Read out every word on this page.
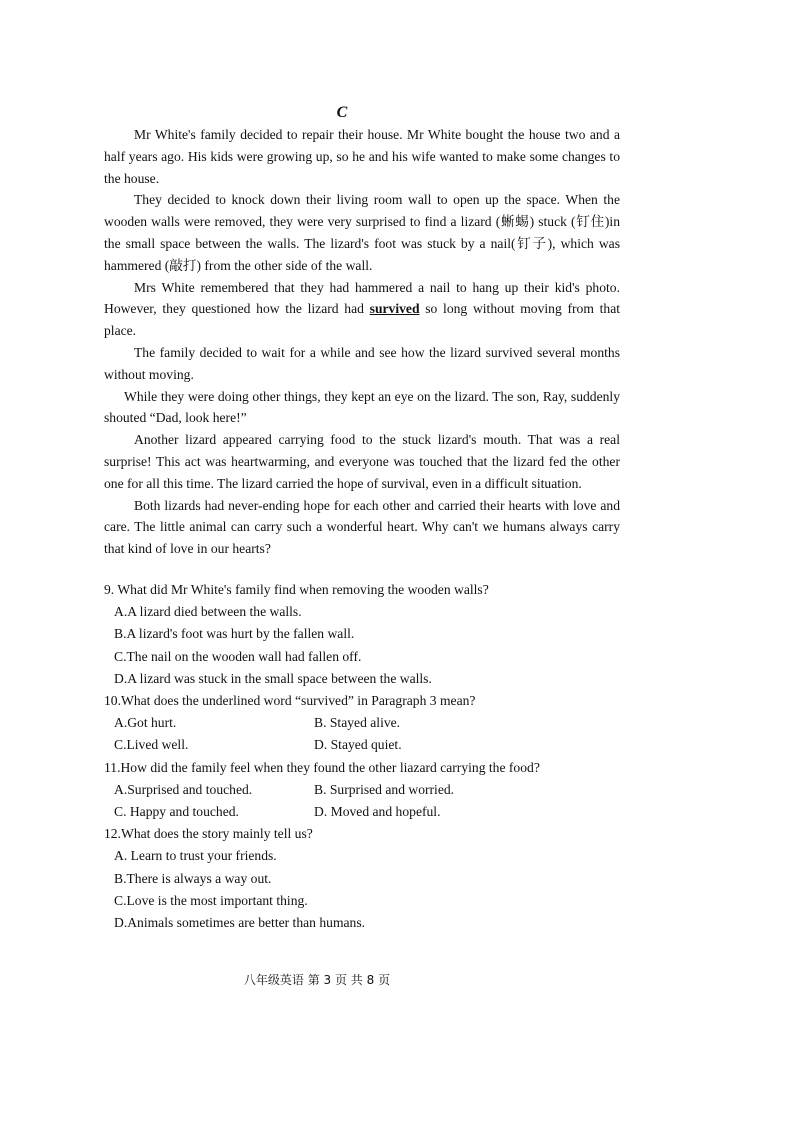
C

Mr White's family decided to repair their house. Mr White bought the house two and a half years ago. His kids were growing up, so he and his wife wanted to make some changes to the house.

They decided to knock down their living room wall to open up the space. When the wooden walls were removed, they were very surprised to find a lizard (蜥蜴) stuck (钉住)in the small space between the walls. The lizard's foot was stuck by a nail(钉子), which was hammered (敲打) from the other side of the wall.

Mrs White remembered that they had hammered a nail to hang up their kid's photo. However, they questioned how the lizard had survived so long without moving from that place.

The family decided to wait for a while and see how the lizard survived several months without moving.

While they were doing other things, they kept an eye on the lizard. The son, Ray, suddenly shouted “Dad, look here!”

Another lizard appeared carrying food to the stuck lizard's mouth. That was a real surprise! This act was heartwarming, and everyone was touched that the lizard fed the other one for all this time. The lizard carried the hope of survival, even in a difficult situation.

Both lizards had never-ending hope for each other and carried their hearts with love and care. The little animal can carry such a wonderful heart. Why can't we humans always carry that kind of love in our hearts?

9. What did Mr White's family find when removing the wooden walls?

A.A lizard died between the walls.

B.A lizard's foot was hurt by the fallen wall.

C.The nail on the wooden wall had fallen off.

D.A lizard was stuck in the small space between the walls.

10.What does the underlined word “survived” in Paragraph 3 mean?

A.Got hurt.	B. Stayed alive.
C.Lived well.	D. Stayed quiet.

11.How did the family feel when they found the other liazard carrying the food?

A.Surprised and touched.	B. Surprised and worried.
C. Happy and touched.	D. Moved and hopeful.

12.What does the story mainly tell us?

A. Learn to trust your friends.

B.There is always a way out.

C.Love is the most important thing.

D.Animals sometimes are better than humans.

八年级英语 第 3 页 共 8 页
